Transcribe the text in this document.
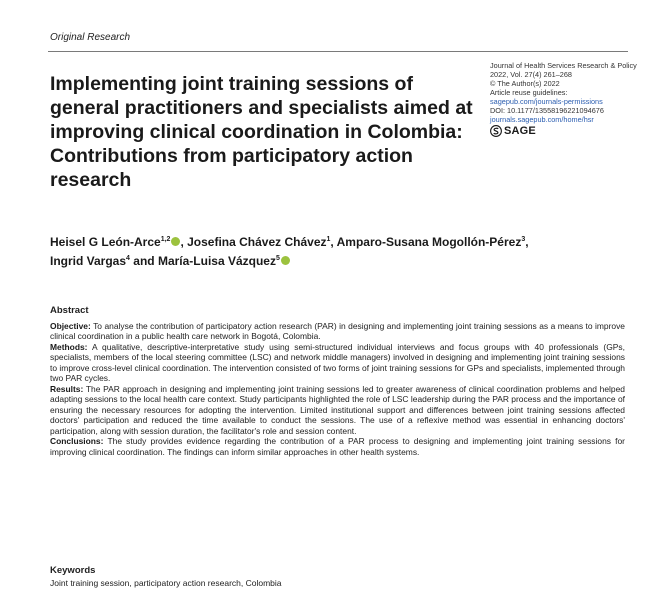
Original Research
Implementing joint training sessions of general practitioners and specialists aimed at improving clinical coordination in Colombia: Contributions from participatory action research
Journal of Health Services Research & Policy
2022, Vol. 27(4) 261–268
© The Author(s) 2022
Article reuse guidelines:
sagepub.com/journals-permissions
DOI: 10.1177/13558196221094676
journals.sagepub.com/home/hsr
SAGE
Heisel G León-Arce$^{1,2}$ , Josefina Chávez Chávez$^1$, Amparo-Susana Mogollón-Pérez$^3$,
Ingrid Vargas$^4$ and María-Luisa Vázquez$^5$
Abstract

Objective: To analyse the contribution of participatory action research (PAR) in designing and implementing joint training sessions as a means to improve clinical coordination in a public health care network in Bogotá, Colombia.

Methods: A qualitative, descriptive-interpretative study using semi-structured individual interviews and focus groups with 40 professionals (GPs, specialists, members of the local steering committee (LSC) and network middle managers) involved in designing and implementing joint training sessions to improve cross-level clinical coordination. The intervention consisted of two forms of joint training sessions for GPs and specialists, implemented through two PAR cycles.

Results: The PAR approach in designing and implementing joint training sessions led to greater awareness of clinical coordination problems and helped adapting sessions to the local health care context. Study participants highlighted the role of LSC leadership during the PAR process and the importance of ensuring the necessary resources for adopting the intervention. Limited institutional support and differences between joint training sessions affected doctors' participation and reduced the time available to conduct the sessions. The use of a reflexive method was essential in enhancing doctors' participation, along with session duration, the facilitator's role and session content.

Conclusions: The study provides evidence regarding the contribution of a PAR process to designing and implementing joint training sessions for improving clinical coordination. The findings can inform similar approaches in other health systems.

Keywords
Joint training session, participatory action research, Colombia
